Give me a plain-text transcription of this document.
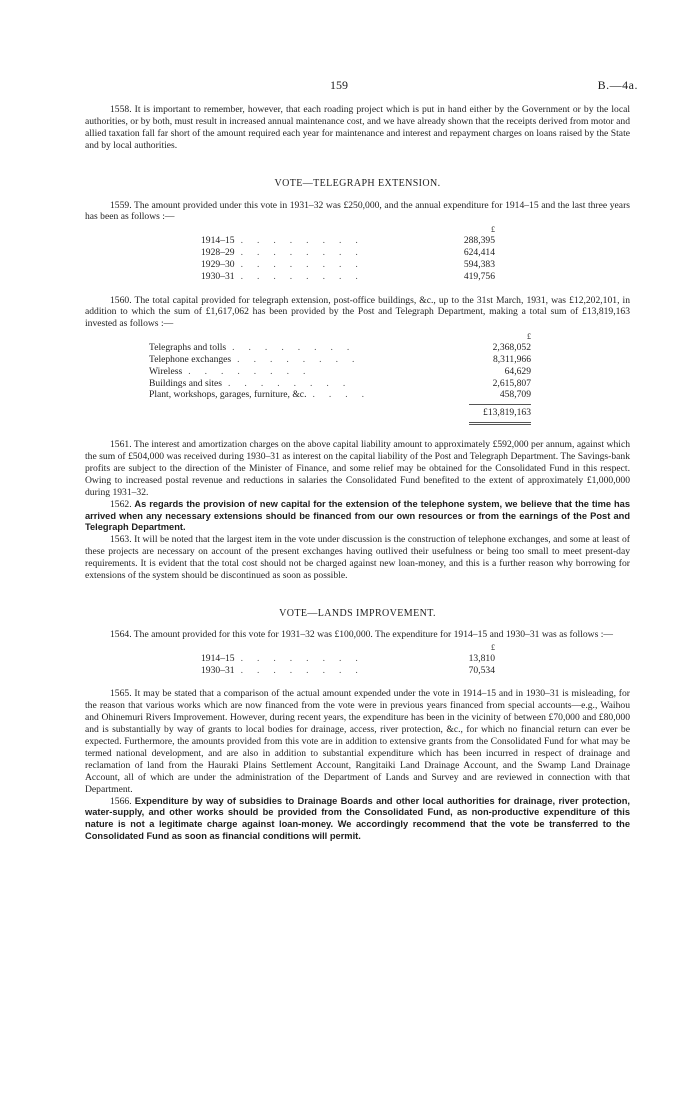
159	B.—4a.

1558. It is important to remember, however, that each roading project which is put in hand either by the Government or by the local authorities, or by both, must result in increased annual maintenance cost, and we have already shown that the receipts derived from motor and allied taxation fall far short of the amount required each year for maintenance and interest and repayment charges on loans raised by the State and by local authorities.

VOTE—TELEGRAPH EXTENSION.

1559. The amount provided under this vote in 1931–32 was £250,000, and the annual expenditure for 1914–15 and the last three years has been as follows :—

£
1914–15 ........	288,395
1928–29 ........	624,414
1929–30 ........	594,383
1930–31 ........	419,756

1560. The total capital provided for telegraph extension, post-office buildings, &c., up to the 31st March, 1931, was £12,202,101, in addition to which the sum of £1,617,062 has been provided by the Post and Telegraph Department, making a total sum of £13,819,163 invested as follows :—

£
Telegraphs and tolls ........	2,368,052
Telephone exchanges ........	8,311,966
Wireless ........	64,629
Buildings and sites ........	2,615,807
Plant, workshops, garages, furniture, &c. ....	458,709
£13,819,163

1561. The interest and amortization charges on the above capital liability amount to approximately £592,000 per annum, against which the sum of £504,000 was received during 1930–31 as interest on the capital liability of the Post and Telegraph Department. The Savings-bank profits are subject to the direction of the Minister of Finance, and some relief may be obtained for the Consolidated Fund in this respect. Owing to increased postal revenue and reductions in salaries the Consolidated Fund benefited to the extent of approximately £1,000,000 during 1931–32.

1562. As regards the provision of new capital for the extension of the telephone system, we believe that the time has arrived when any necessary extensions should be financed from our own resources or from the earnings of the Post and Telegraph Department.

1563. It will be noted that the largest item in the vote under discussion is the construction of telephone exchanges, and some at least of these projects are necessary on account of the present exchanges having outlived their usefulness or being too small to meet present-day requirements. It is evident that the total cost should not be charged against new loan-money, and this is a further reason why borrowing for extensions of the system should be discontinued as soon as possible.

VOTE—LANDS IMPROVEMENT.

1564. The amount provided for this vote for 1931–32 was £100,000. The expenditure for 1914–15 and 1930–31 was as follows :—

£
1914–15 ........	13,810
1930–31 ........	70,534

1565. It may be stated that a comparison of the actual amount expended under the vote in 1914–15 and in 1930–31 is misleading, for the reason that various works which are now financed from the vote were in previous years financed from special accounts—e.g., Waihou and Ohinemuri Rivers Improvement. However, during recent years, the expenditure has been in the vicinity of between £70,000 and £80,000 and is substantially by way of grants to local bodies for drainage, access, river protection, &c., for which no financial return can ever be expected. Furthermore, the amounts provided from this vote are in addition to extensive grants from the Consolidated Fund for what may be termed national development, and are also in addition to substantial expenditure which has been incurred in respect of drainage and reclamation of land from the Hauraki Plains Settlement Account, Rangitaiki Land Drainage Account, and the Swamp Land Drainage Account, all of which are under the administration of the Department of Lands and Survey and are reviewed in connection with that Department.

1566. Expenditure by way of subsidies to Drainage Boards and other local authorities for drainage, river protection, water-supply, and other works should be provided from the Consolidated Fund, as non-productive expenditure of this nature is not a legitimate charge against loan-money. We accordingly recommend that the vote be transferred to the Consolidated Fund as soon as financial conditions will permit.
